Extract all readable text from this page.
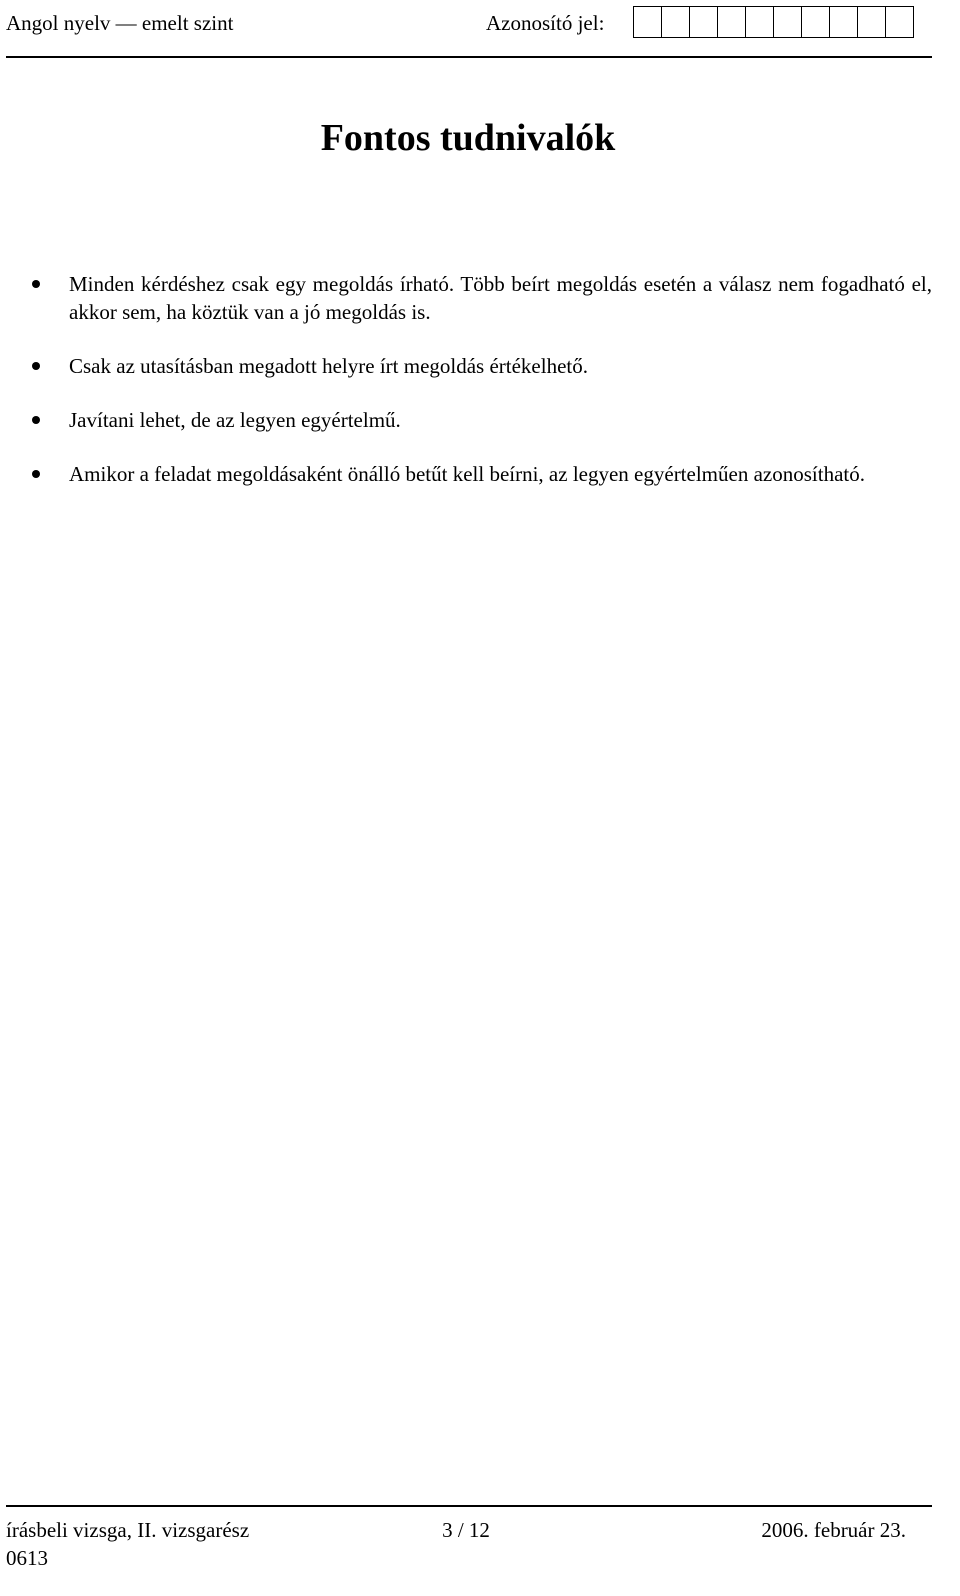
Angol nyelv — emelt szint	Azonosító jel:
Fontos tudnivalók
Minden kérdéshez csak egy megoldás írható. Több beírt megoldás esetén a válasz nem fogadható el, akkor sem, ha köztük van a jó megoldás is.
Csak az utasításban megadott helyre írt megoldás értékelhető.
Javítani lehet, de az legyen egyértelmű.
Amikor a feladat megoldásaként önálló betűt kell beírni, az legyen egyértelműen azonosítható.
írásbeli vizsga, II. vizsgarész	3 / 12	2006. február 23.
0613
